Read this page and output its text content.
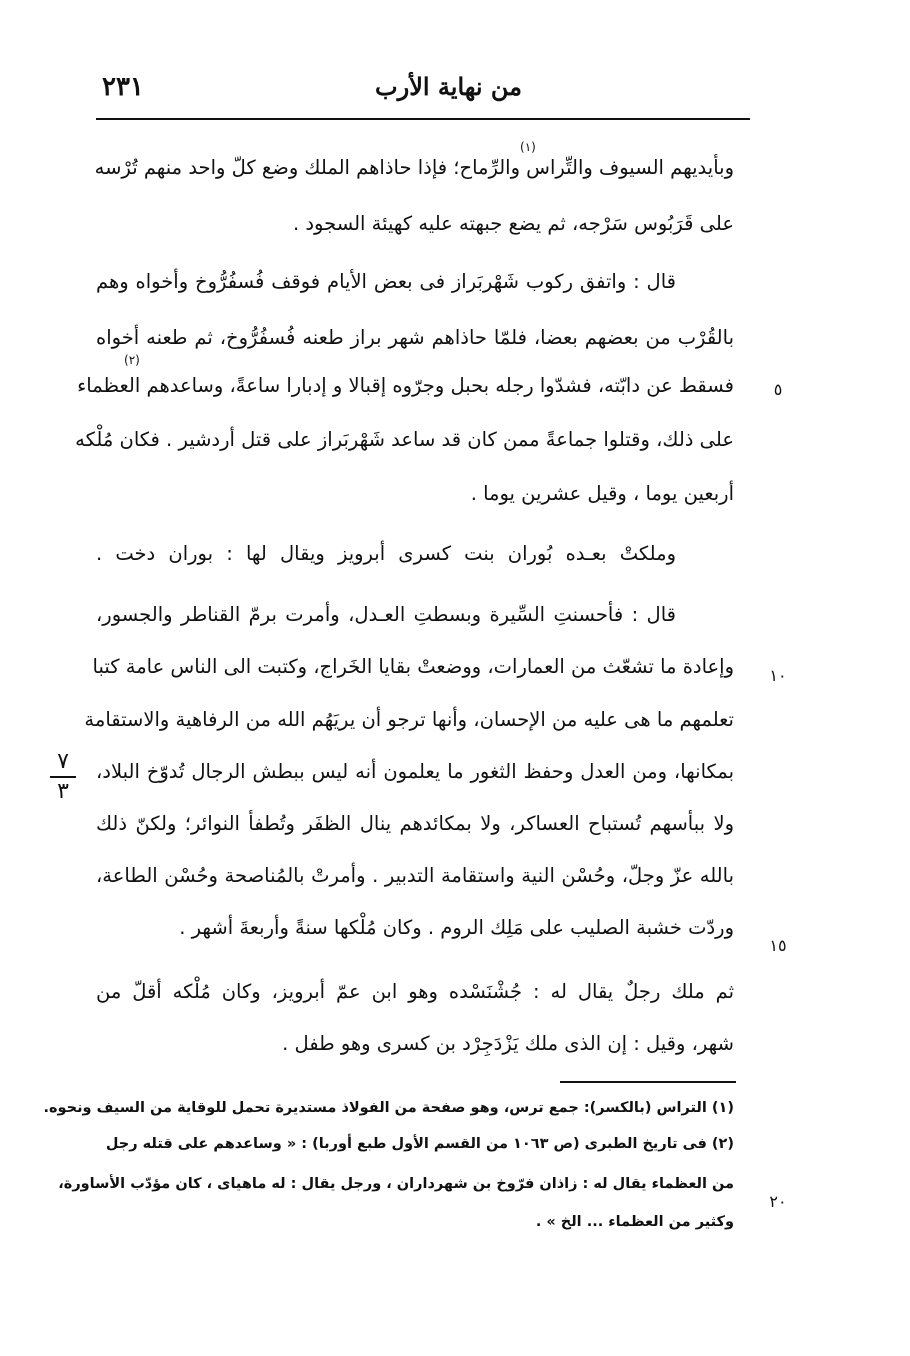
٢٣١	من نهاية الأرب
(١)
(٢)
وبأيديهم السيوف والتِّراس والرِّماح؛ فإذا حاذاهم الملك وضع كلّ واحد منهم تُرْسه
على قَرَبُوس سَرْجه، ثم يضع جبهته عليه كهيئة السجود .
قال : واتفق ركوب شَهْربَراز فى بعض الأيام فوقف فُسفُرُّوخ وأخواه وهم
بالقُرْب من بعضهم بعضا، فلمّا حاذاهم شهر براز طعنه فُسفُرُّوخ، ثم طعنه أخواه
فسقط عن دابّته، فشدّوا رجله بحبل وجرّوه إقبالا و إدبارا ساعةً، وساعدهم العظماء
على ذلك، وقتلوا جماعةً ممن كان قد ساعد شَهْربَراز على قتل أردشير . فكان مُلْكه
أربعين يوما ، وقيل عشرين يوما .
وملكتْ بعـده بُوران بنت كسرى أبرويز ويقال لها : بوران دخت .
قال : فأحسنتِ السِّيرة وبسطتِ العـدل، وأمرت برمّ القناطر والجسور،
وإعادة ما تشعّث من العمارات، ووضعتْ بقايا الخَراج، وكتبت الى الناس عامة كتبا
تعلمهم ما هى عليه من الإحسان، وأنها ترجو أن يريَهُم الله من الرفاهية والاستقامة
بمكانها، ومن العدل وحفظ الثغور ما يعلمون أنه ليس ببطش الرجال تُدوّخ البلاد،
ولا ببأسهم تُستباح العساكر، ولا بمكائدهم ينال الظفَر وتُطفأ النوائر؛ ولكنّ ذلك
بالله عزّ وجلّ، وحُسْن النية واستقامة التدبير . وأمرتْ بالمُناصحة وحُسْن الطاعة،
وردّت خشبة الصليب على مَلِك الروم . وكان مُلْكها سنةً وأربعةَ أشهر .
ثم ملك رجلٌ يقال له : جُشْنَسْده وهو ابن عمّ أبرويز، وكان مُلْكه أقلّ من
شهر، وقيل : إن الذى ملك يَزْدَجِرْد بن كسرى وهو طفل .
٥
١٠
١٥
٢٠
٧
٣
(١) التراس (بالكسر): جمع ترس، وهو صفحة من الفولاذ مستديرة تحمل للوقاية من السيف ونحوه.
(٢) فى تاريخ الطبرى (ص ١٠٦٣ من القسم الأول طبع أوربا) : « وساعدهم على قتله رجل
من العظماء يقال له : زاذان فرّوخ بن شهرداران ، ورجل يقال : له ماهياى ، كان مؤدّب الأساورة،
وكثير من العظماء ... الخ » .
